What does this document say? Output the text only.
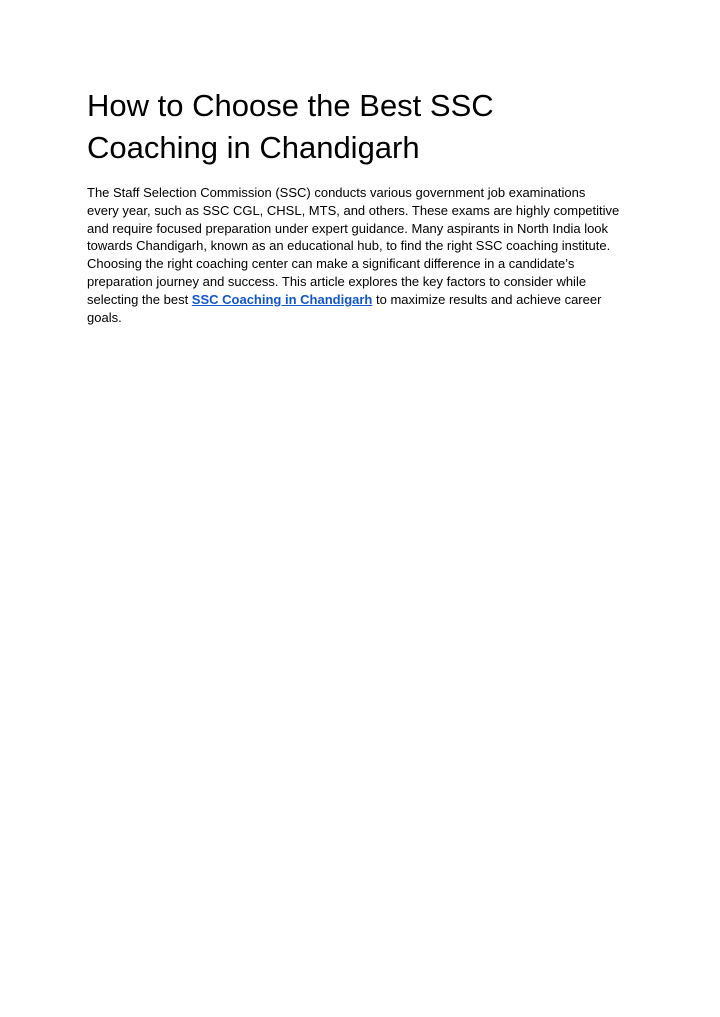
How to Choose the Best SSC
Coaching in Chandigarh

The Staff Selection Commission (SSC) conducts various government job examinations
every year, such as SSC CGL, CHSL, MTS, and others. These exams are highly competitive
and require focused preparation under expert guidance. Many aspirants in North India look
towards Chandigarh, known as an educational hub, to find the right SSC coaching institute.
Choosing the right coaching center can make a significant difference in a candidate’s
preparation journey and success. This article explores the key factors to consider while
selecting the best SSC Coaching in Chandigarh to maximize results and achieve career
goals.
